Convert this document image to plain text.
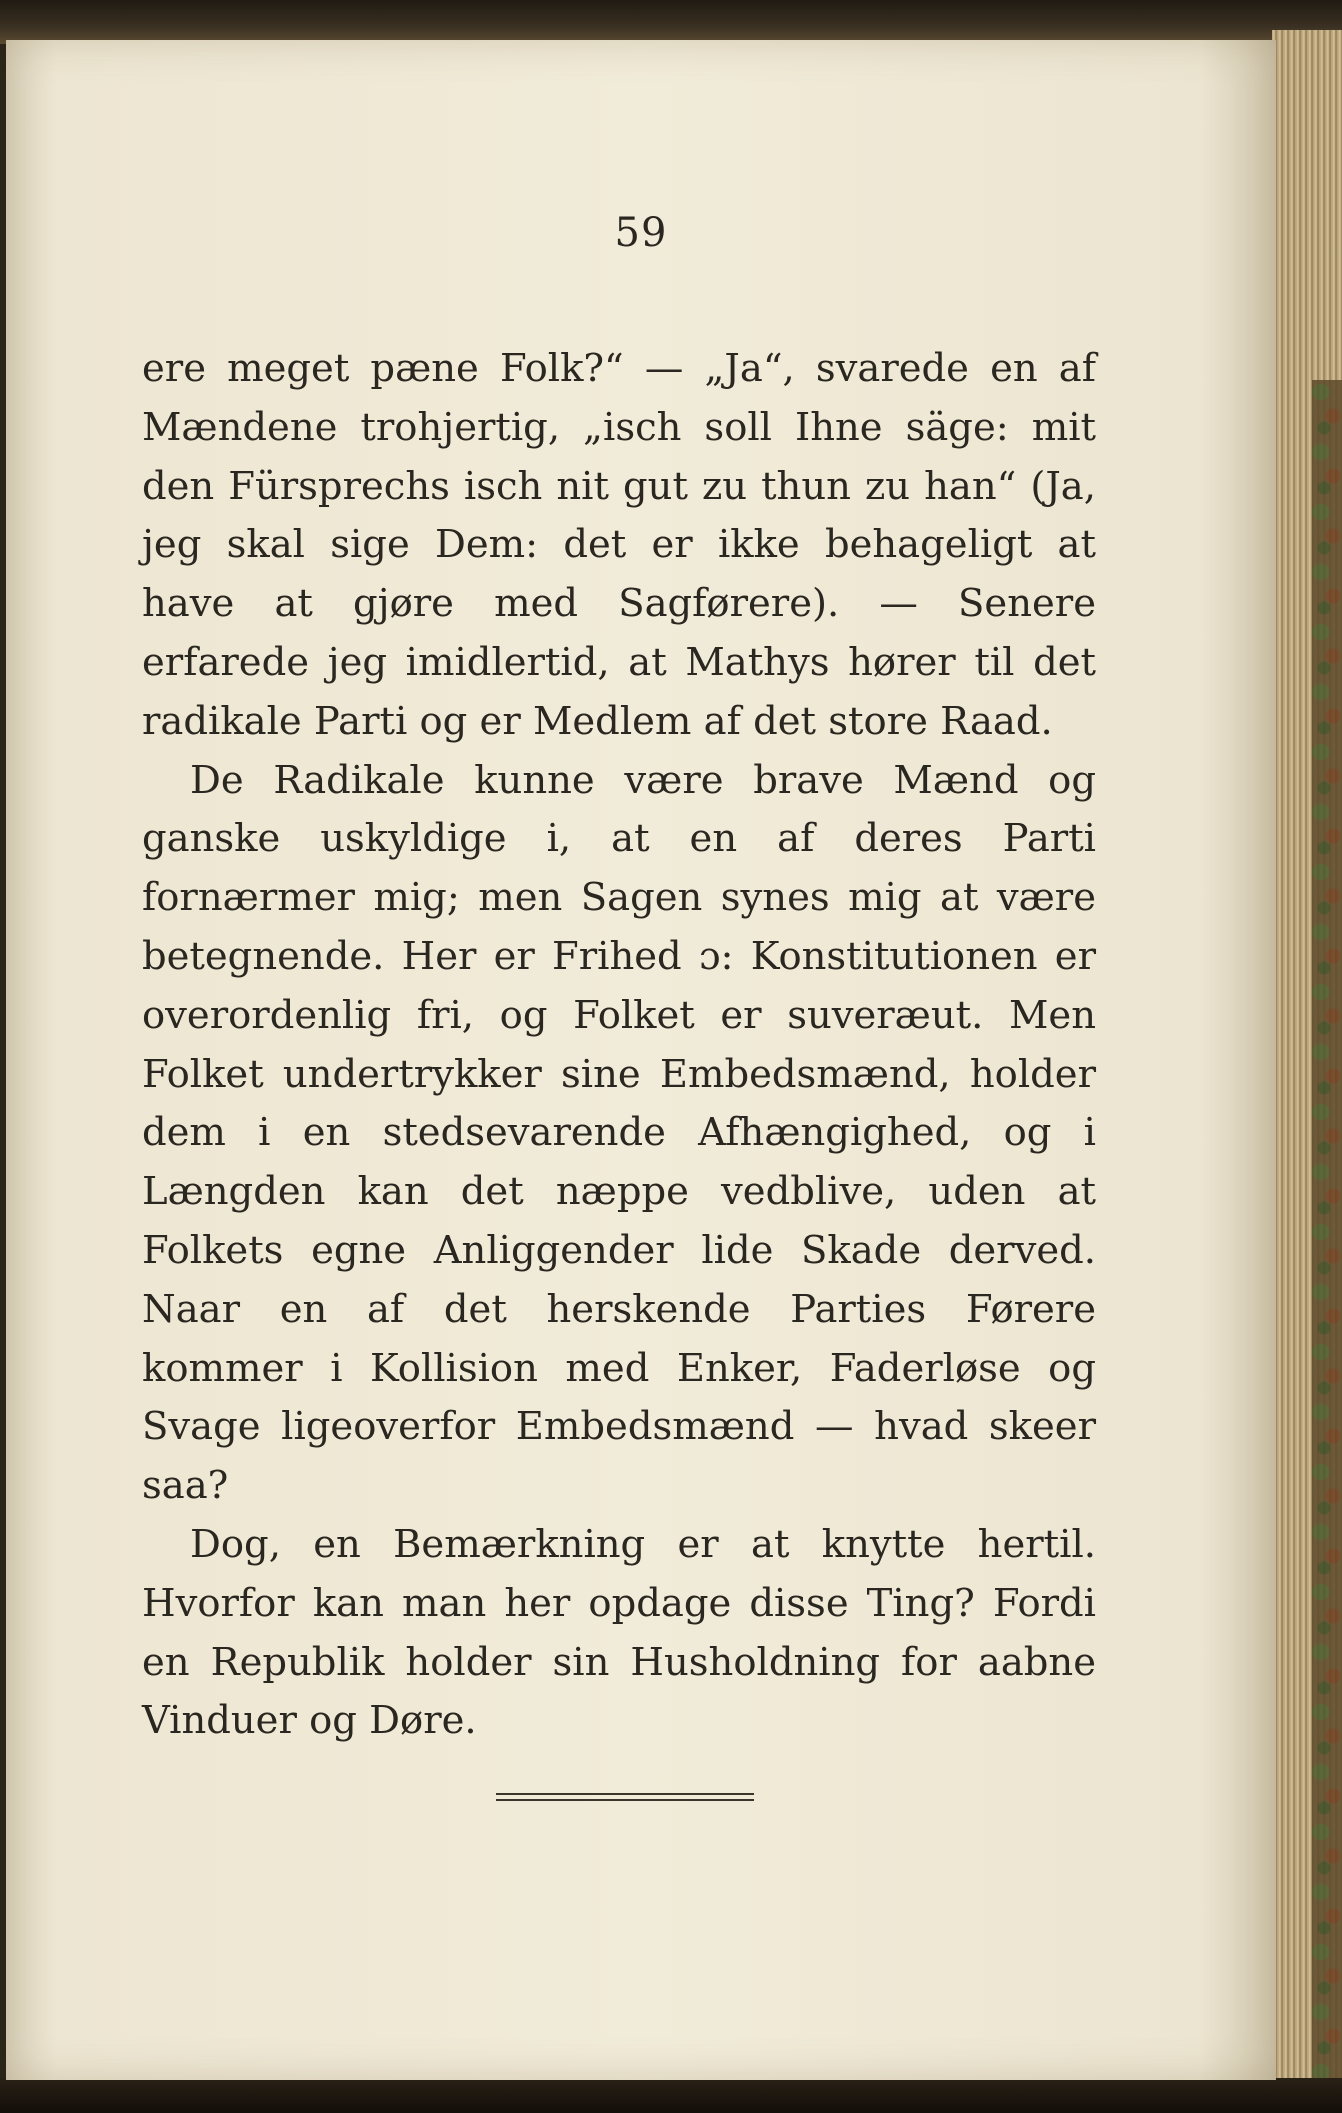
59

ere meget pæne Folk?“ — „Ja“, svarede en af Mændene trohjertig, „isch soll Ihne säge: mit den Fürsprechs isch nit gut zu thun zu han“ (Ja, jeg skal sige Dem: det er ikke behageligt at have at gjøre med Sagførere). — Senere erfarede jeg imidlertid, at Mathys hører til det radikale Parti og er Medlem af det store Raad.

De Radikale kunne være brave Mænd og ganske uskyldige i, at en af deres Parti fornærmer mig; men Sagen synes mig at være betegnende. Her er Frihed ɔ: Konstitutionen er overordenlig fri, og Folket er suveræut. Men Folket undertrykker sine Embedsmænd, holder dem i en stedsevarende Afhængighed, og i Længden kan det næppe vedblive, uden at Folkets egne Anliggender lide Skade derved. Naar en af det herskende Parties Førere kommer i Kollision med Enker, Faderløse og Svage ligeoverfor Embedsmænd — hvad skeer saa?

Dog, en Bemærkning er at knytte hertil. Hvorfor kan man her opdage disse Ting? Fordi en Republik holder sin Husholdning for aabne Vinduer og Døre.
